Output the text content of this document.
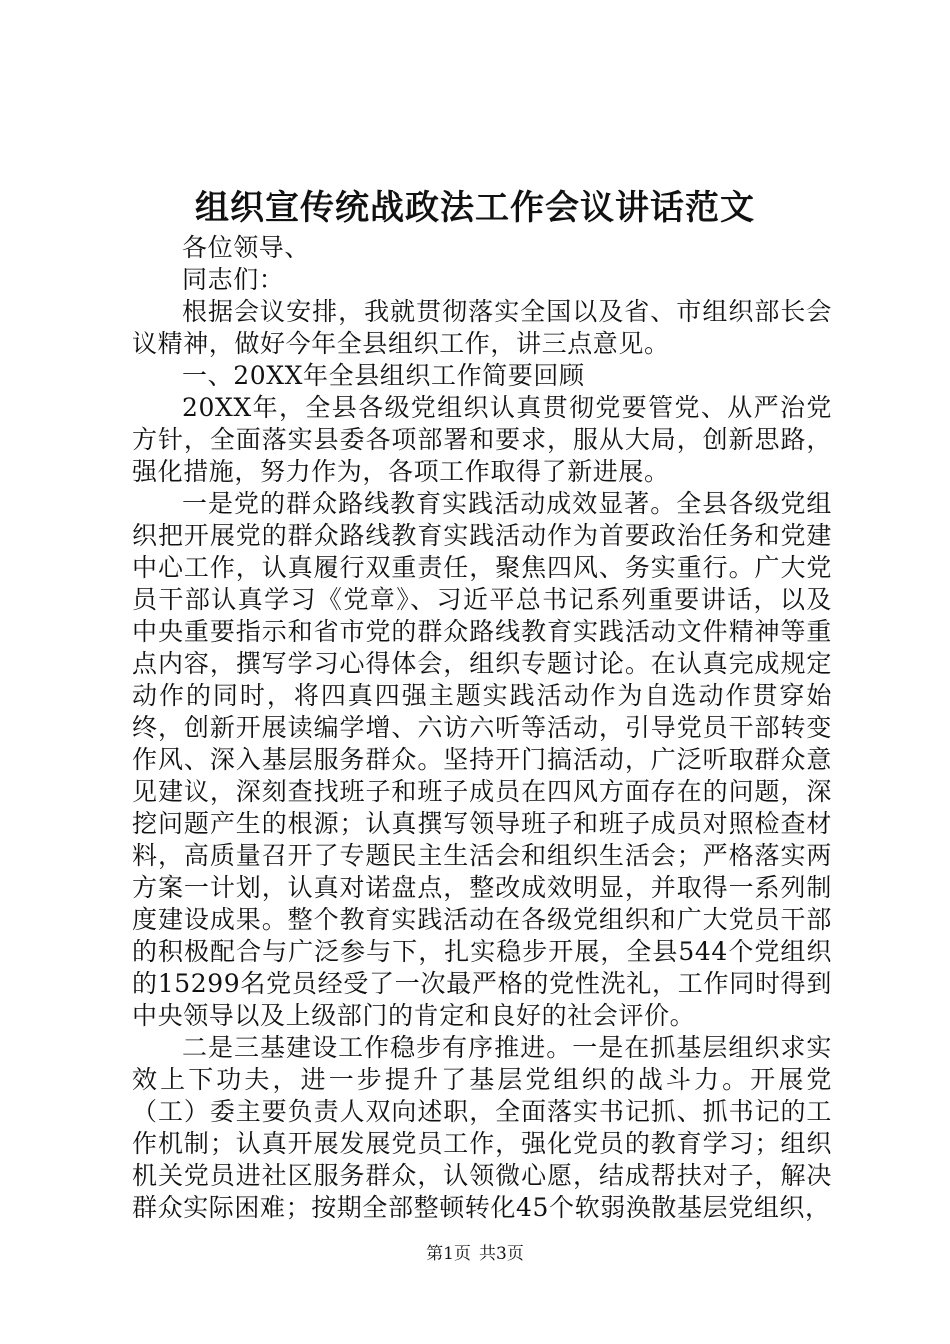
组织宣传统战政法工作会议讲话范文

各位领导、

同志们：

根据会议安排，我就贯彻落实全国以及省、市组织部长会议精神，做好今年全县组织工作，讲三点意见。

一、20XX年全县组织工作简要回顾

20XX年，全县各级党组织认真贯彻党要管党、从严治党方针，全面落实县委各项部署和要求，服从大局，创新思路，强化措施，努力作为，各项工作取得了新进展。

一是党的群众路线教育实践活动成效显著。全县各级党组织把开展党的群众路线教育实践活动作为首要政治任务和党建中心工作，认真履行双重责任，聚焦四风、务实重行。广大党员干部认真学习《党章》、习近平总书记系列重要讲话，以及中央重要指示和省市党的群众路线教育实践活动文件精神等重点内容，撰写学习心得体会，组织专题讨论。在认真完成规定动作的同时，将四真四强主题实践活动作为自选动作贯穿始终，创新开展读编学增、六访六听等活动，引导党员干部转变作风、深入基层服务群众。坚持开门搞活动，广泛听取群众意见建议，深刻查找班子和班子成员在四风方面存在的问题，深挖问题产生的根源；认真撰写领导班子和班子成员对照检查材料，高质量召开了专题民主生活会和组织生活会；严格落实两方案一计划，认真对诺盘点，整改成效明显，并取得一系列制度建设成果。整个教育实践活动在各级党组织和广大党员干部的积极配合与广泛参与下，扎实稳步开展，全县544个党组织的15299名党员经受了一次最严格的党性洗礼，工作同时得到中央领导以及上级部门的肯定和良好的社会评价。

二是三基建设工作稳步有序推进。一是在抓基层组织求实效上下功夫，进一步提升了基层党组织的战斗力。开展党（工）委主要负责人双向述职，全面落实书记抓、抓书记的工作机制；认真开展发展党员工作，强化党员的教育学习；组织机关党员进社区服务群众，认领微心愿，结成帮扶对子，解决群众实际困难；按期全部整顿转化45个软弱涣散基层党组织，

第1页 共3页
